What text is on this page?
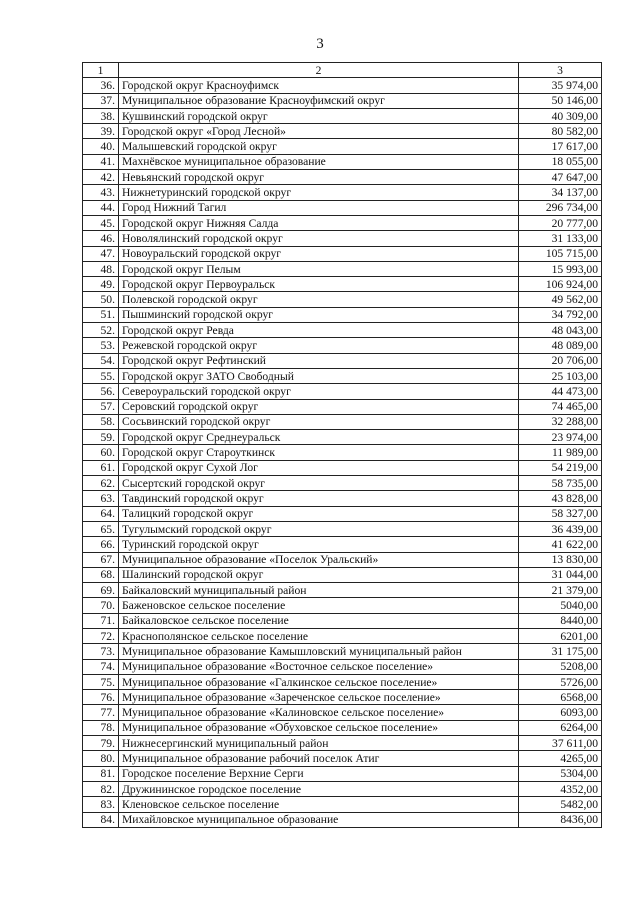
3
1	2	3
36.	Городской округ Красноуфимск	35 974,00
37.	Муниципальное образование Красноуфимский округ	50 146,00
38.	Кушвинский городской округ	40 309,00
39.	Городской округ «Город Лесной»	80 582,00
40.	Малышевский городской округ	17 617,00
41.	Махнёвское муниципальное образование	18 055,00
42.	Невьянский городской округ	47 647,00
43.	Нижнетуринский городской округ	34 137,00
44.	Город Нижний Тагил	296 734,00
45.	Городской округ Нижняя Салда	20 777,00
46.	Новолялинский городской округ	31 133,00
47.	Новоуральский городской округ	105 715,00
48.	Городской округ Пелым	15 993,00
49.	Городской округ Первоуральск	106 924,00
50.	Полевской городской округ	49 562,00
51.	Пышминский городской округ	34 792,00
52.	Городской округ Ревда	48 043,00
53.	Режевской городской округ	48 089,00
54.	Городской округ Рефтинский	20 706,00
55.	Городской округ ЗАТО Свободный	25 103,00
56.	Североуральский городской округ	44 473,00
57.	Серовский городской округ	74 465,00
58.	Сосьвинский городской округ	32 288,00
59.	Городской округ Среднеуральск	23 974,00
60.	Городской округ Староуткинск	11 989,00
61.	Городской округ Сухой Лог	54 219,00
62.	Сысертский городской округ	58 735,00
63.	Тавдинский городской округ	43 828,00
64.	Талицкий городской округ	58 327,00
65.	Тугулымский городской округ	36 439,00
66.	Туринский городской округ	41 622,00
67.	Муниципальное образование «Поселок Уральский»	13 830,00
68.	Шалинский городской округ	31 044,00
69.	Байкаловский муниципальный район	21 379,00
70.	Баженовское сельское поселение	5040,00
71.	Байкаловское сельское поселение	8440,00
72.	Краснополянское сельское поселение	6201,00
73.	Муниципальное образование Камышловский муниципальный район	31 175,00
74.	Муниципальное образование «Восточное сельское поселение»	5208,00
75.	Муниципальное образование «Галкинское сельское поселение»	5726,00
76.	Муниципальное образование «Зареченское сельское поселение»	6568,00
77.	Муниципальное образование «Калиновское сельское поселение»	6093,00
78.	Муниципальное образование «Обуховское сельское поселение»	6264,00
79.	Нижнесергинский муниципальный район	37 611,00
80.	Муниципальное образование рабочий поселок Атиг	4265,00
81.	Городское поселение Верхние Серги	5304,00
82.	Дружининское городское поселение	4352,00
83.	Кленовское сельское поселение	5482,00
84.	Михайловское муниципальное образование	8436,00
